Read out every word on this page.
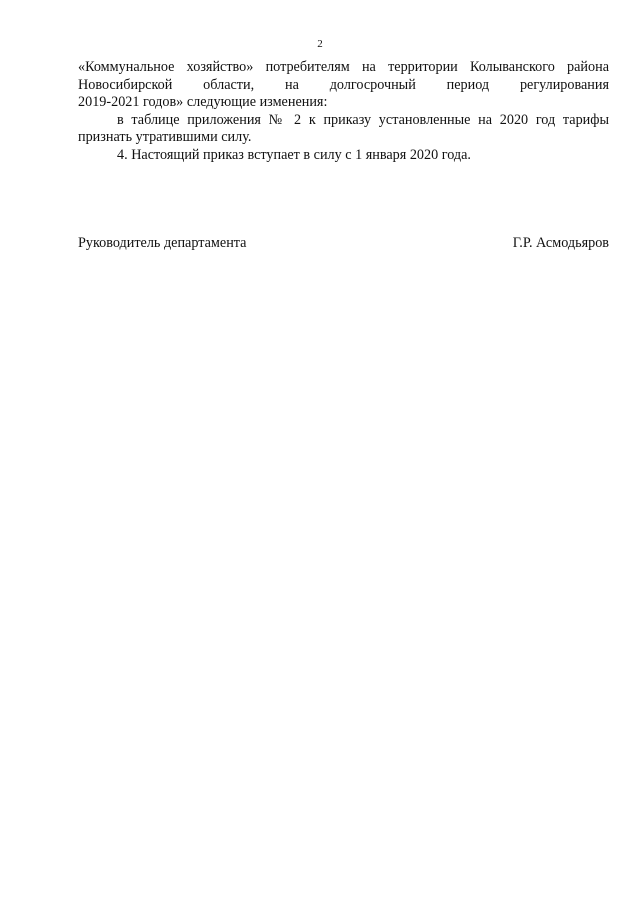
2

«Коммунальное хозяйство» потребителям на территории Колыванского района

Новосибирской области, на долгосрочный период регулирования

2019-2021 годов» следующие изменения:

в таблице приложения № 2 к приказу установленные на 2020 год тарифы признать утратившими силу.

4. Настоящий приказ вступает в силу с 1 января 2020 года.

Руководитель департамента	Г.Р. Асмодьяров
